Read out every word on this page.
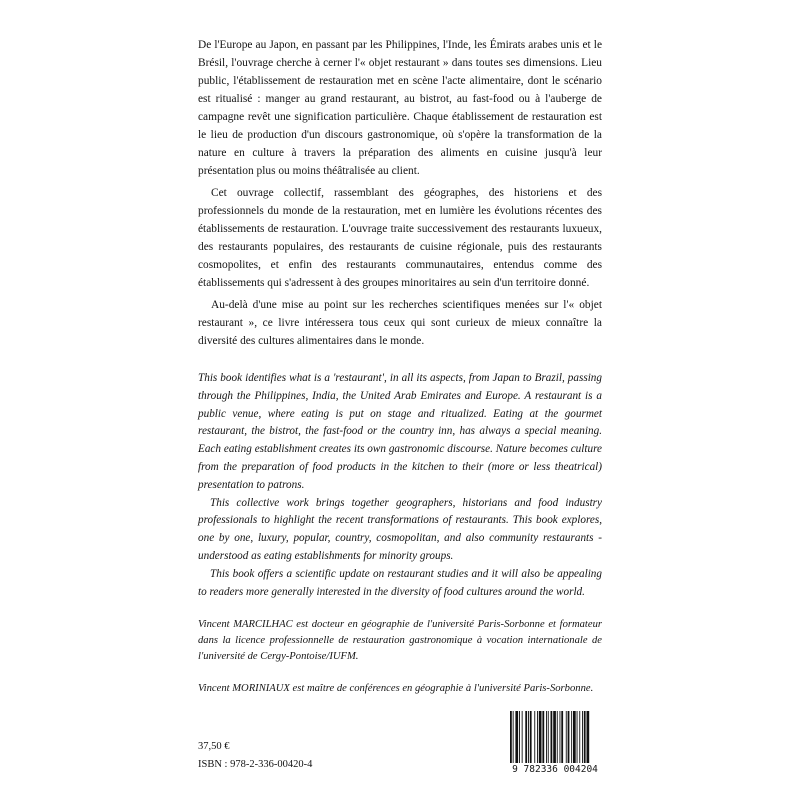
De l'Europe au Japon, en passant par les Philippines, l'Inde, les Émirats arabes unis et le Brésil, l'ouvrage cherche à cerner l'« objet restaurant » dans toutes ses dimensions. Lieu public, l'établissement de restauration met en scène l'acte alimentaire, dont le scénario est ritualisé : manger au grand restaurant, au bistrot, au fast-food ou à l'auberge de campagne revêt une signification particulière. Chaque établissement de restauration est le lieu de production d'un discours gastronomique, où s'opère la transformation de la nature en culture à travers la préparation des aliments en cuisine jusqu'à leur présentation plus ou moins théâtralisée au client.

Cet ouvrage collectif, rassemblant des géographes, des historiens et des professionnels du monde de la restauration, met en lumière les évolutions récentes des établissements de restauration. L'ouvrage traite successivement des restaurants luxueux, des restaurants populaires, des restaurants de cuisine régionale, puis des restaurants cosmopolites, et enfin des restaurants communautaires, entendus comme des établissements qui s'adressent à des groupes minoritaires au sein d'un territoire donné.

Au-delà d'une mise au point sur les recherches scientifiques menées sur l'« objet restaurant », ce livre intéressera tous ceux qui sont curieux de mieux connaître la diversité des cultures alimentaires dans le monde.

This book identifies what is a 'restaurant', in all its aspects, from Japan to Brazil, passing through the Philippines, India, the United Arab Emirates and Europe. A restaurant is a public venue, where eating is put on stage and ritualized. Eating at the gourmet restaurant, the bistrot, the fast-food or the country inn, has always a special meaning. Each eating establishment creates its own gastronomic discourse. Nature becomes culture from the preparation of food products in the kitchen to their (more or less theatrical) presentation to patrons.

This collective work brings together geographers, historians and food industry professionals to highlight the recent transformations of restaurants. This book explores, one by one, luxury, popular, country, cosmopolitan, and also community restaurants - understood as eating establishments for minority groups.

This book offers a scientific update on restaurant studies and it will also be appealing to readers more generally interested in the diversity of food cultures around the world.

Vincent MARCILHAC est docteur en géographie de l'université Paris-Sorbonne et formateur dans la licence professionnelle de restauration gastronomique à vocation internationale de l'université de Cergy-Pontoise/IUFM.

Vincent MORINIAUX est maître de conférences en géographie à l'université Paris-Sorbonne.

37,50 €
ISBN : 978-2-336-00420-4	9 782336 004204
